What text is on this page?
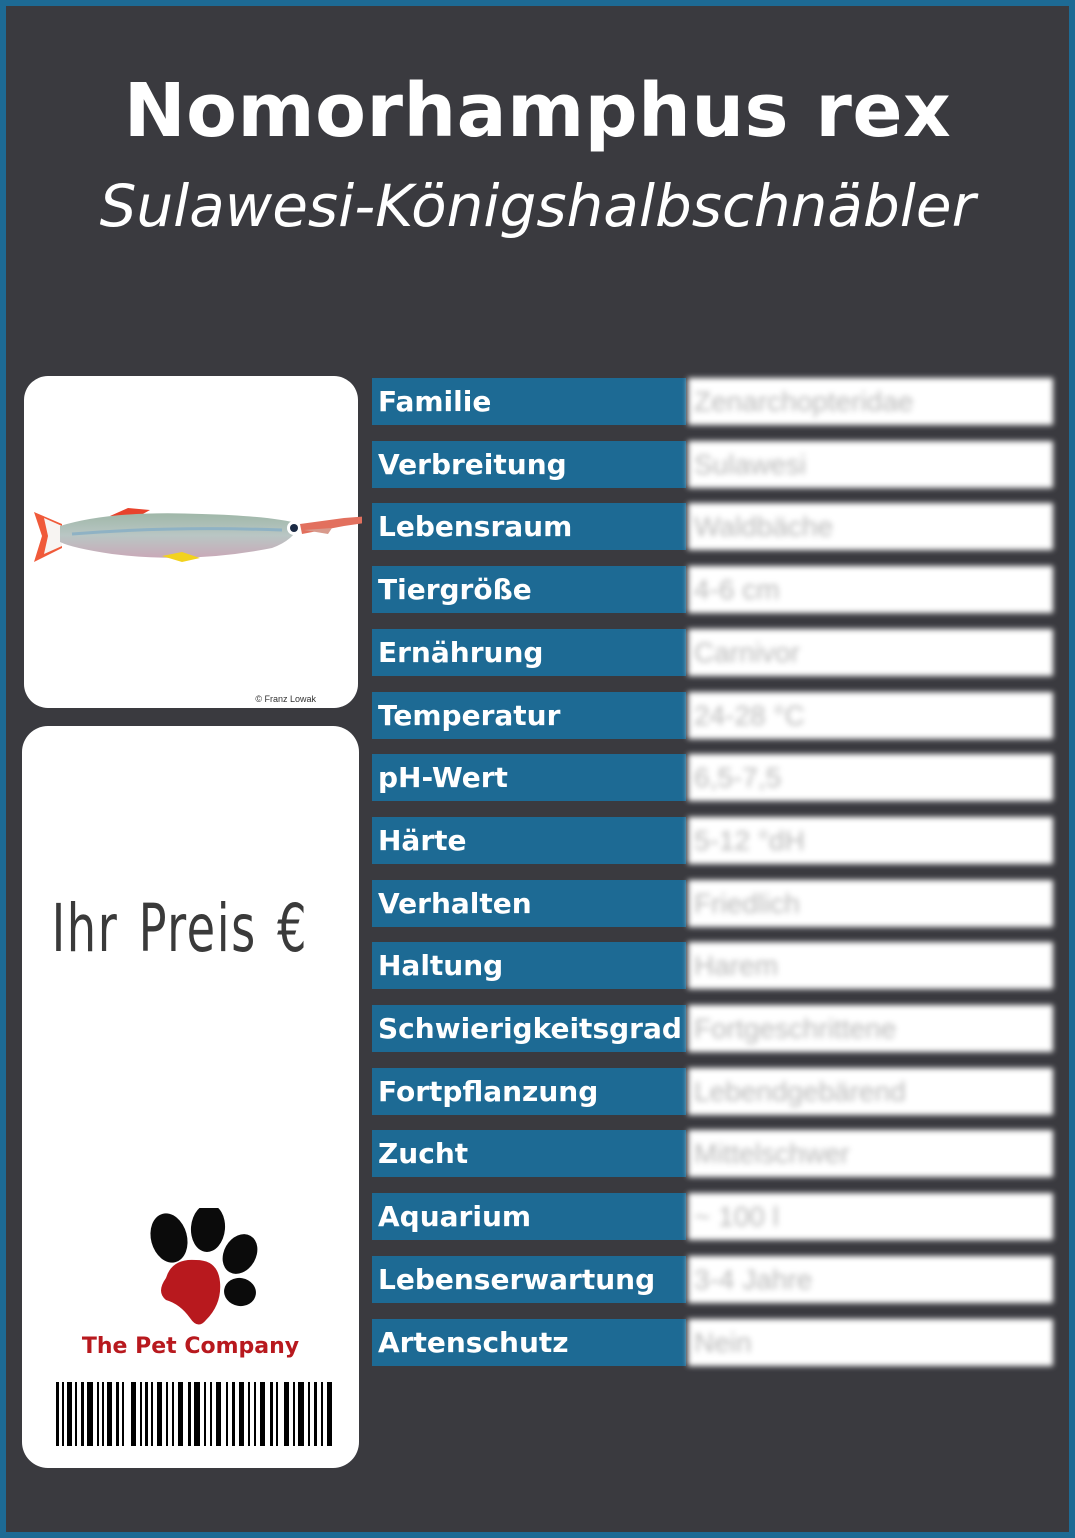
Nomorhamphus rex
Sulawesi-Königshalbschnäbler
© Franz Lowak
Ihr Preis €
The Pet Company
Familie	Zenarchopteridae
Verbreitung	Sulawesi
Lebensraum	Waldbäche
Tiergröße	4-6 cm
Ernährung	Carnivor
Temperatur	24-28 °C
pH-Wert	6,5-7,5
Härte	5-12 °dH
Verhalten	Friedlich
Haltung	Harem
Schwierigkeitsgrad Fortgeschrittene
Fortpflanzung	Lebendgebärend
Zucht	Mittelschwer
Aquarium	~ 100 l
Lebenserwartung	3-4 Jahre
Artenschutz	Nein
